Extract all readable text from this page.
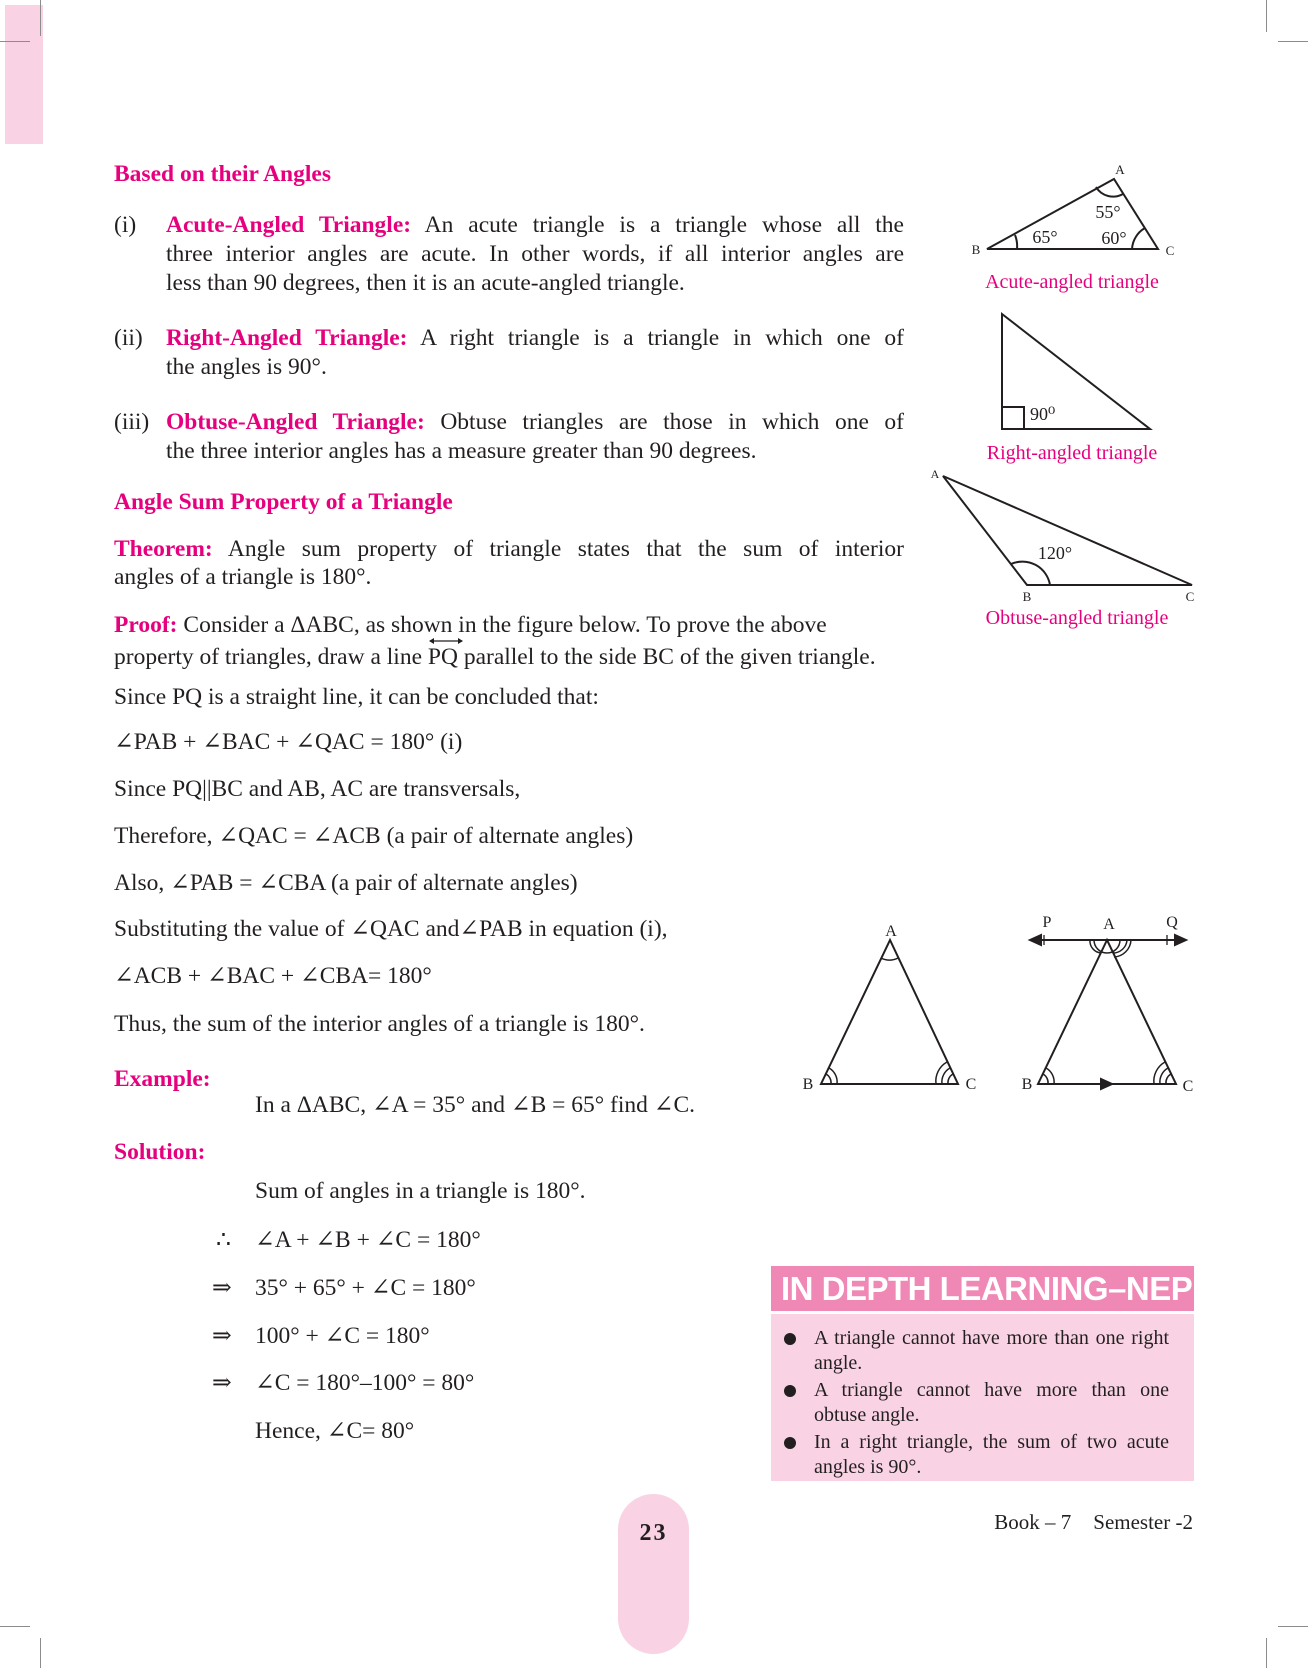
Based on their Angles
(i) Acute-Angled Triangle: An acute triangle is a triangle whose all the
three interior angles are acute. In other words, if all interior angles are
less than 90 degrees, then it is an acute-angled triangle.
(ii) Right-Angled Triangle: A right triangle is a triangle in which one of
the angles is 90°.
(iii) Obtuse-Angled Triangle: Obtuse triangles are those in which one of
the three interior angles has a measure greater than 90 degrees.
Angle Sum Property of a Triangle
Theorem: Angle sum property of triangle states that the sum of interior
angles of a triangle is 180°.
Proof: Consider a ΔABC, as shown in the figure below. To prove the above
property of triangles, draw a line
PQ parallel to the side BC of the given triangle.
Since PQ is a straight line, it can be concluded that:
∠PAB + ∠BAC + ∠QAC = 180° (i)
Since PQ||BC and AB, AC are transversals,
Therefore, ∠QAC = ∠ACB (a pair of alternate angles)
Also, ∠PAB = ∠CBA (a pair of alternate angles)
Substituting the value of ∠QAC and∠PAB in equation (i),
∠ACB + ∠BAC + ∠CBA= 180°
Thus, the sum of the interior angles of a triangle is 180°.
Example:
In a ΔABC, ∠A = 35° and ∠B = 65° find ∠C.
Solution:
Sum of angles in a triangle is 180°.
∴ ∠A + ∠B + ∠C = 180°
⇒ 35° + 65° + ∠C = 180°
⇒ 100° + ∠C = 180°
⇒ ∠C = 180°–100° = 80°
Hence, ∠C= 80°
A
B	C
55°
65° 60°
90⁰
A
B	C
120°
A
B	C
P	A	Q
B	C
Acute-angled triangle
Right-angled triangle
Obtuse-angled triangle
IN DEPTH LEARNING–NEP 2020
A triangle cannot have more than one right angle.
A triangle cannot have more than one obtuse angle.
In a right triangle, the sum of two acute angles is 90°.
23	Book – 7 Semester -2
